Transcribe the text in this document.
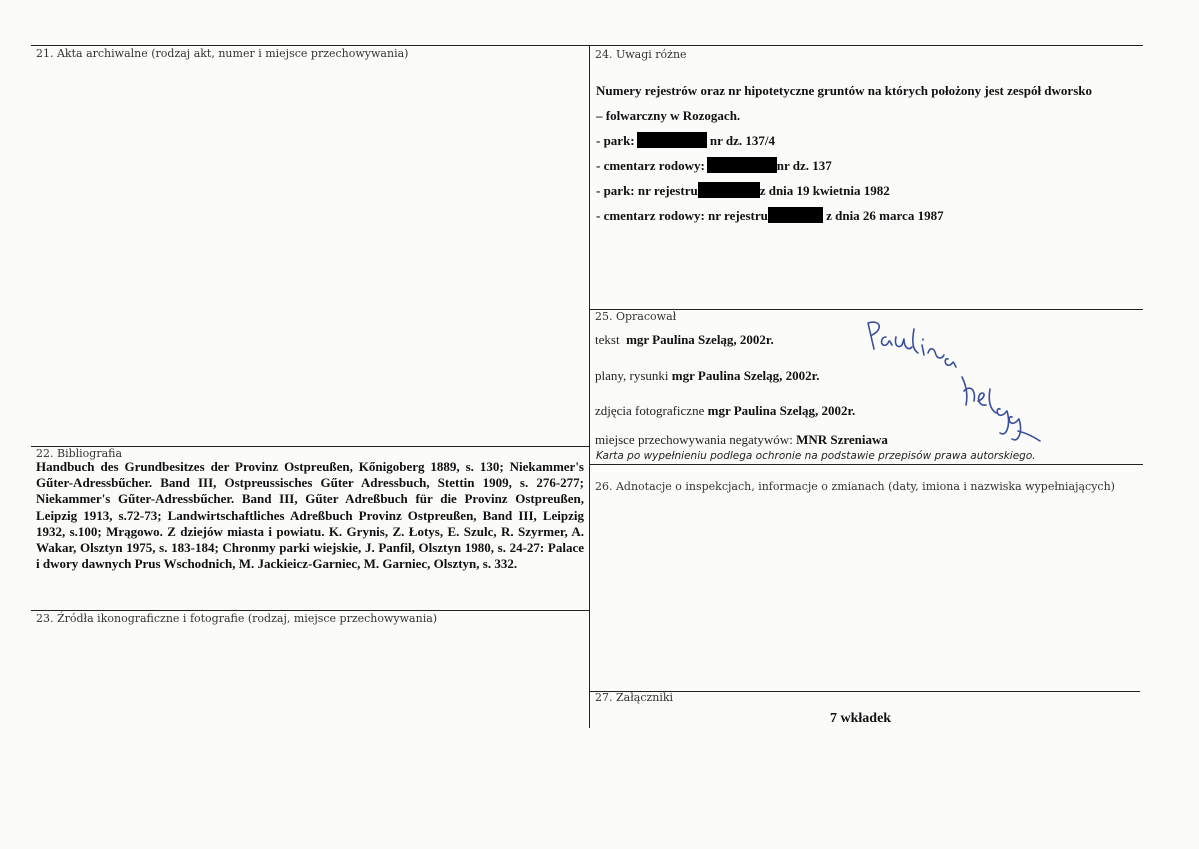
21. Akta archiwalne (rodzaj akt, numer i miejsce przechowywania)	24. Uwagi różne
25. Opracował
22. Bibliografia
26. Adnotacje o inspekcjach, informacje o zmianach (daty, imiona i nazwiska wypełniających)
23. Źródła ikonograficzne i fotografie (rodzaj, miejsce przechowywania)
27. Załączniki
Numery rejestrów oraz nr hipotetyczne gruntów na których położony jest zespół dworsko
– folwarczny w Rozogach.
- park:	nr dz. 137/4
- cmentarz rodowy:	nr dz. 137
- park: nr rejestru	z dnia 19 kwietnia 1982
- cmentarz rodowy: nr rejestru	z dnia 26 marca 1987
tekst mgr Paulina Szeląg, 2002r.
plany, rysunki mgr Paulina Szeląg, 2002r.
zdjęcia fotograficzne mgr Paulina Szeląg, 2002r.
miejsce przechowywania negatywów: MNR Szreniawa
Karta po wypełnieniu podlega ochronie na podstawie przepisów prawa autorskiego.
Handbuch des Grundbesitzes der Provinz Ostpreußen, Kőnigoberg 1889, s. 130; Niekammer's Gűter-Adressbűcher. Band III, Ostpreussisches Gűter Adressbuch, Stettin 1909, s. 276-277; Niekammer's Gűter-Adressbűcher. Band III, Gűter Adreßbuch für die Provinz Ostpreußen, Leipzig 1913, s.72-73; Landwirtschaftliches Adreßbuch Provinz Ostpreußen, Band III, Leipzig 1932, s.100; Mrągowo. Z dziejów miasta i powiatu. K. Grynis, Z. Łotys, E. Szulc, R. Szyrmer, A. Wakar, Olsztyn 1975, s. 183-184; Chronmy parki wiejskie, J. Panfil, Olsztyn 1980, s. 24-27: Palace i dwory dawnych Prus Wschodnich, M. Jackieicz-Garniec, M. Garniec, Olsztyn, s. 332.
7 wkładek
